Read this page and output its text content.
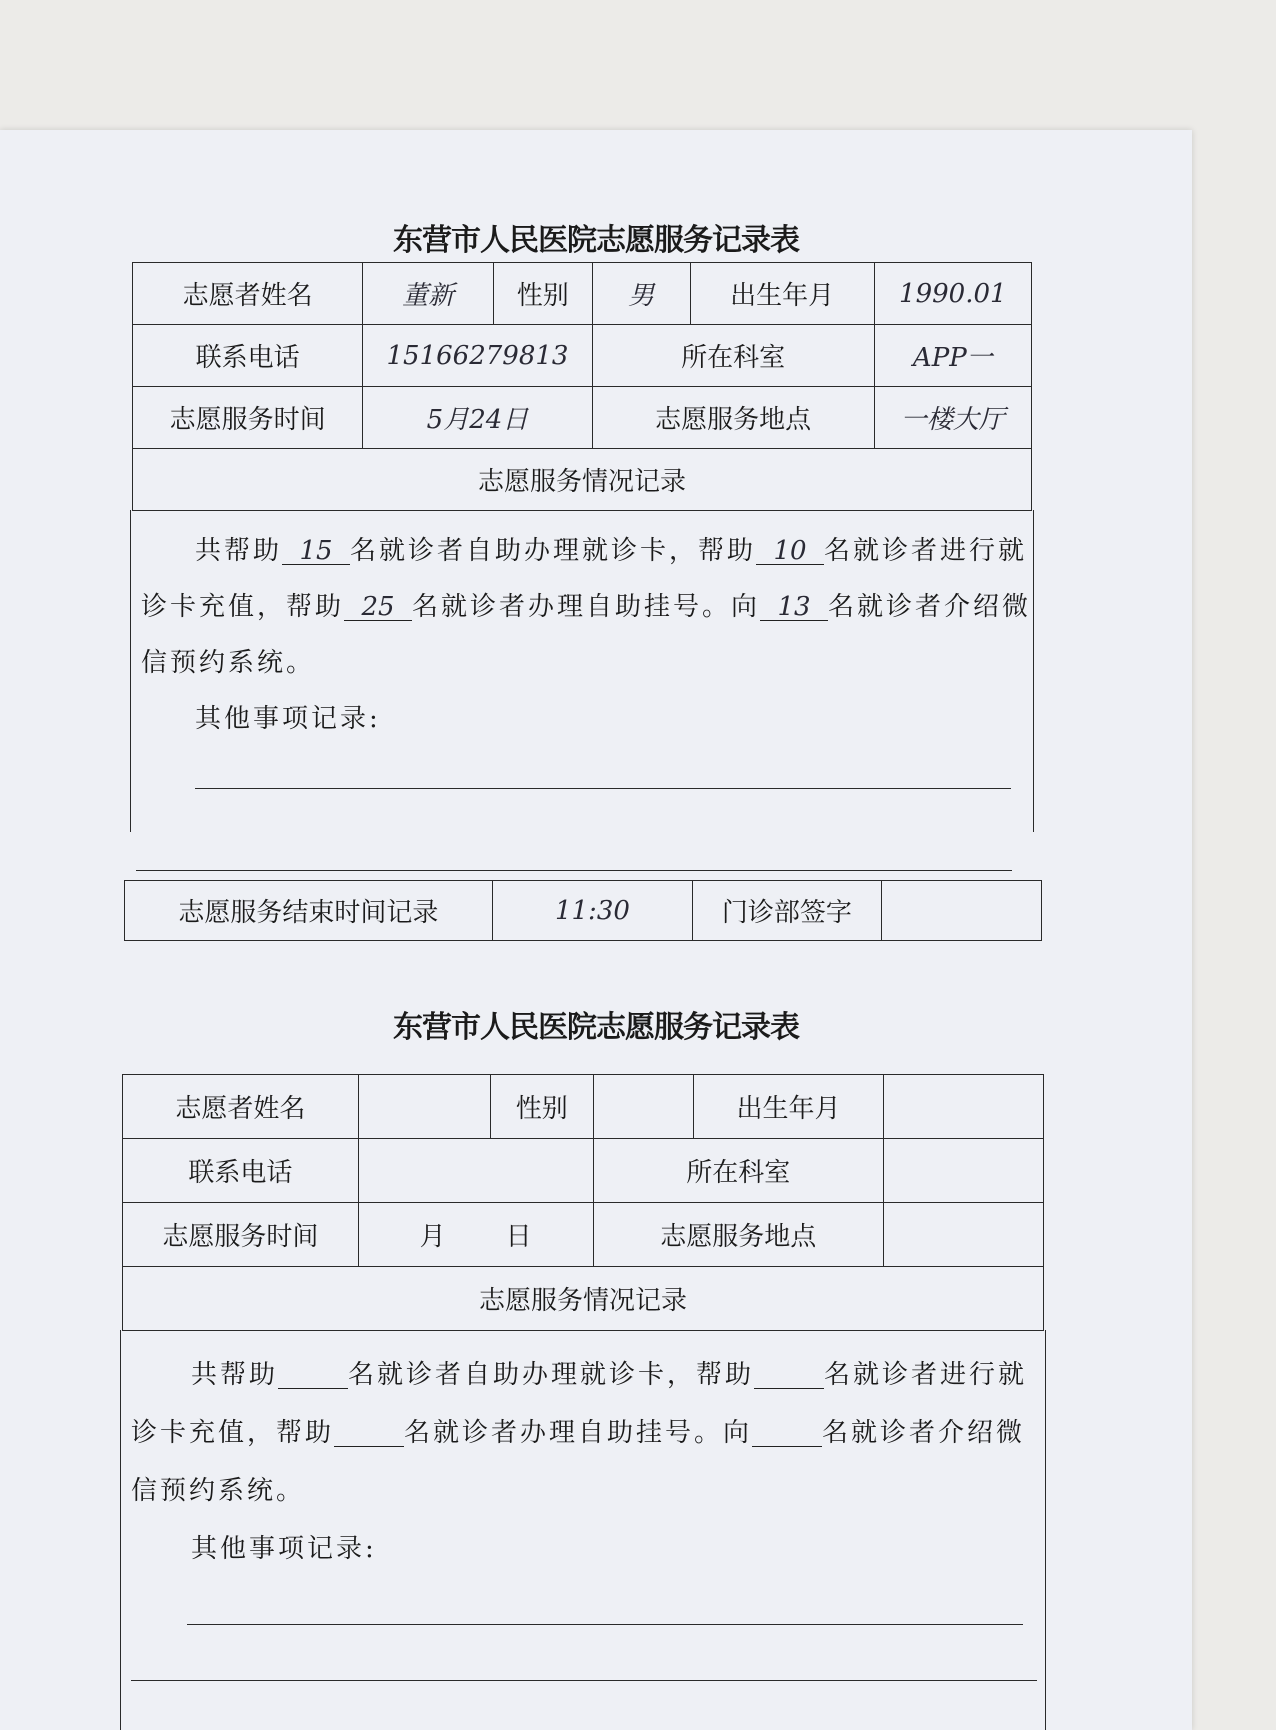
东营市人民医院志愿服务记录表
志愿者姓名	董新	性别	男	出生年月	1990.01
联系电话	15166279813		所在科室		APP一
志愿服务时间	5月24日		志愿服务地点		一楼大厅
志愿服务情况记录					
共帮助 15 名就诊者自助办理就诊卡，帮助 10 名就诊者进行就
诊卡充值，帮助 25 名就诊者办理自助挂号。向 13 名就诊者介绍微
信预约系统。
其他事项记录:
志愿服务结束时间记录	11:30	门诊部签字	
东营市人民医院志愿服务记录表
志愿者姓名		性别		出生年月	
联系电话			所在科室		
志愿服务时间	月 日		志愿服务地点		
志愿服务情况记录					
共帮助	名就诊者自助办理就诊卡，帮助	名就诊者进行就
诊卡充值，帮助	名就诊者办理自助挂号。向	名就诊者介绍微
信预约系统。
其他事项记录:
